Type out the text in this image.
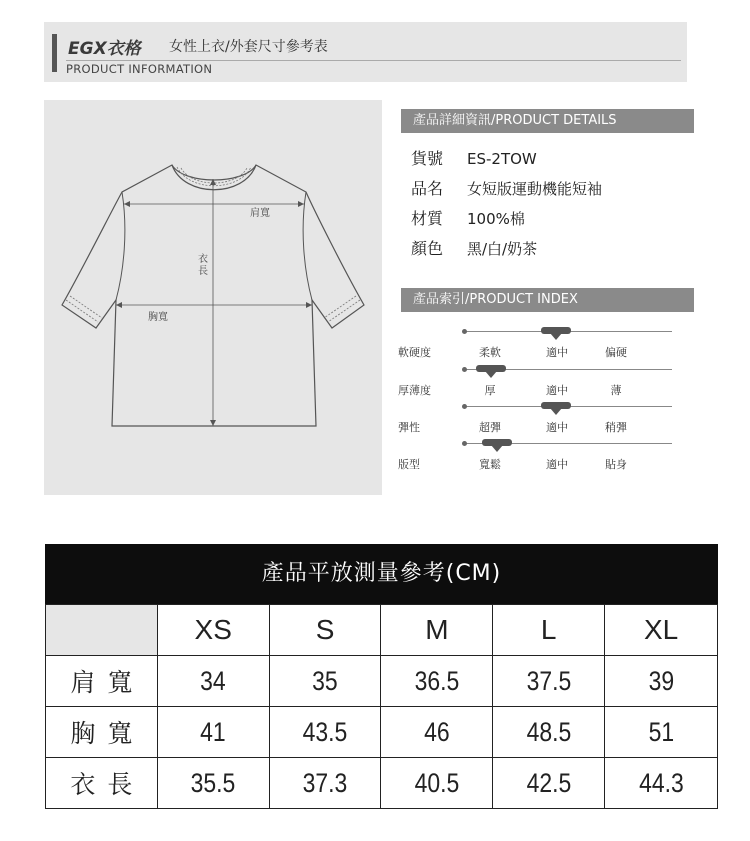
EGX衣格 女性上衣/外套尺寸參考表
PRODUCT INFORMATION
肩寬
衣長
胸寬
產品詳細資訊/PRODUCT DETAILS
貨號 ES-2TOW
品名 女短版運動機能短袖
材質 100%棉
顏色 黑/白/奶茶
產品索引/PRODUCT INDEX
軟硬度	柔軟	適中	偏硬
厚薄度	厚	適中	薄
彈性	超彈	適中	稍彈
版型	寬鬆	適中	貼身
產品平放測量參考(CM)
	XS	S	M	L	XL
肩寬	34	35	36.5	37.5	39
胸寬	41	43.5	46	48.5	51
衣長	35.5	37.3	40.5	42.5	44.3
